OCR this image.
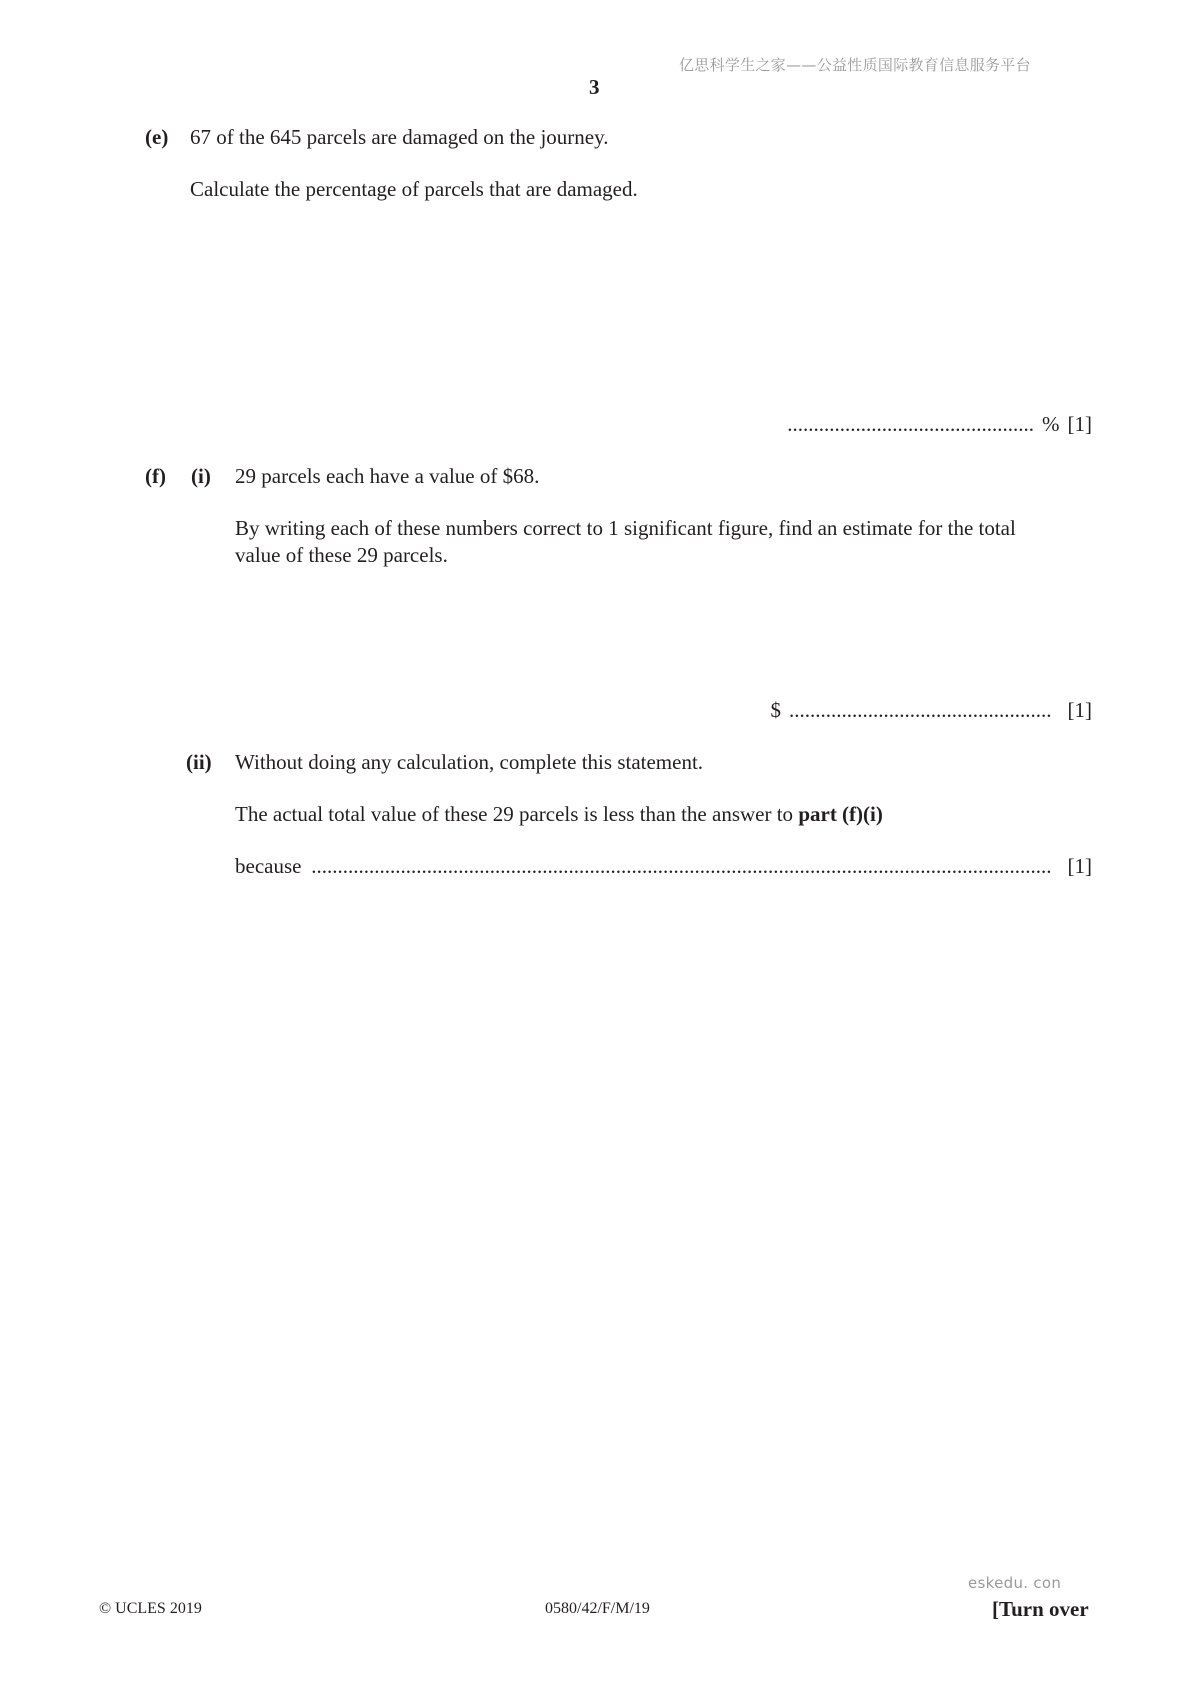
亿思科学生之家——公益性质国际教育信息服务平台
3
(e) 67 of the 645 parcels are damaged on the journey.
Calculate the percentage of parcels that are damaged.
............................................... % [1]
(f) (i) 29 parcels each have a value of $68.
By writing each of these numbers correct to 1 significant figure, find an estimate for the total
value of these 29 parcels.
$ .................................................. [1]
(ii) Without doing any calculation, complete this statement.
The actual total value of these 29 parcels is less than the answer to part (f)(i)
because ............................................................................................................................................. [1]
eskedu. con
© UCLES 2019	0580/42/F/M/19	[Turn over
